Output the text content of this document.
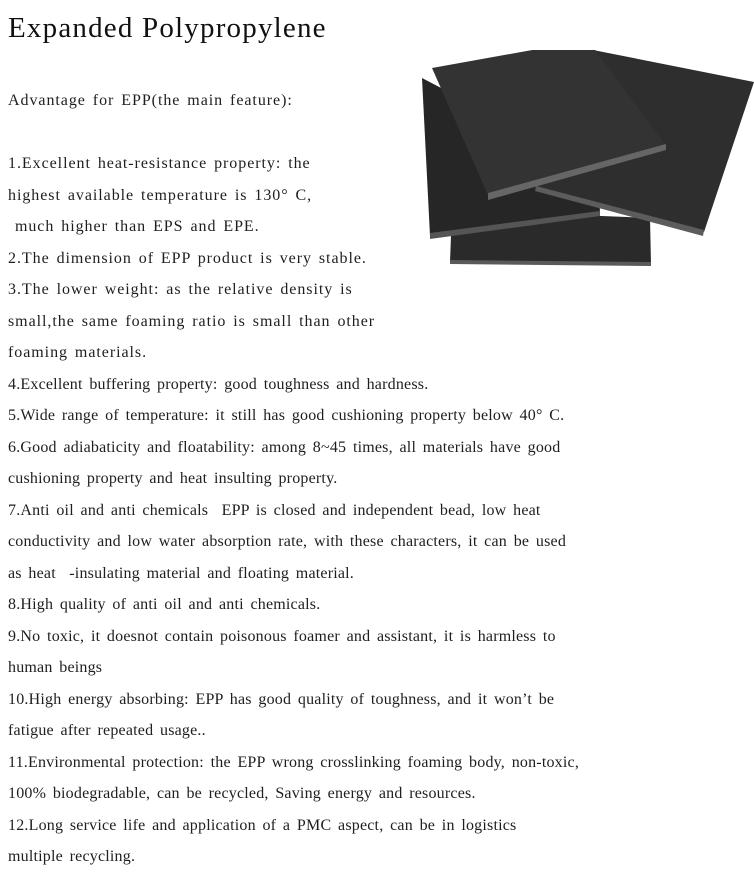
Expanded Polypropylene
Advantage for EPP(the main feature):
1.Excellent heat-resistance property: the
highest available temperature is 130° C,
much higher than EPS and EPE.
2.The dimension of EPP product is very stable.
3.The lower weight: as the relative density is
small,the same foaming ratio is small than other
foaming materials.
4.Excellent buffering property: good toughness and hardness.
5.Wide range of temperature: it still has good cushioning property below 40° C.
6.Good adiabaticity and floatability: among 8~45 times, all materials have good
cushioning property and heat insulting property.
7.Anti oil and anti chemicals  EPP is closed and independent bead, low heat
conductivity and low water absorption rate, with these characters, it can be used
as heat  -insulating material and floating material.
8.High quality of anti oil and anti chemicals.
9.No toxic, it doesnot contain poisonous foamer and assistant, it is harmless to
human beings
10.High energy absorbing: EPP has good quality of toughness, and it won’t be
fatigue after repeated usage..
11.Environmental protection: the EPP wrong crosslinking foaming body, non-toxic,
100% biodegradable, can be recycled, Saving energy and resources.
12.Long service life and application of a PMC aspect, can be in logistics
multiple recycling.
